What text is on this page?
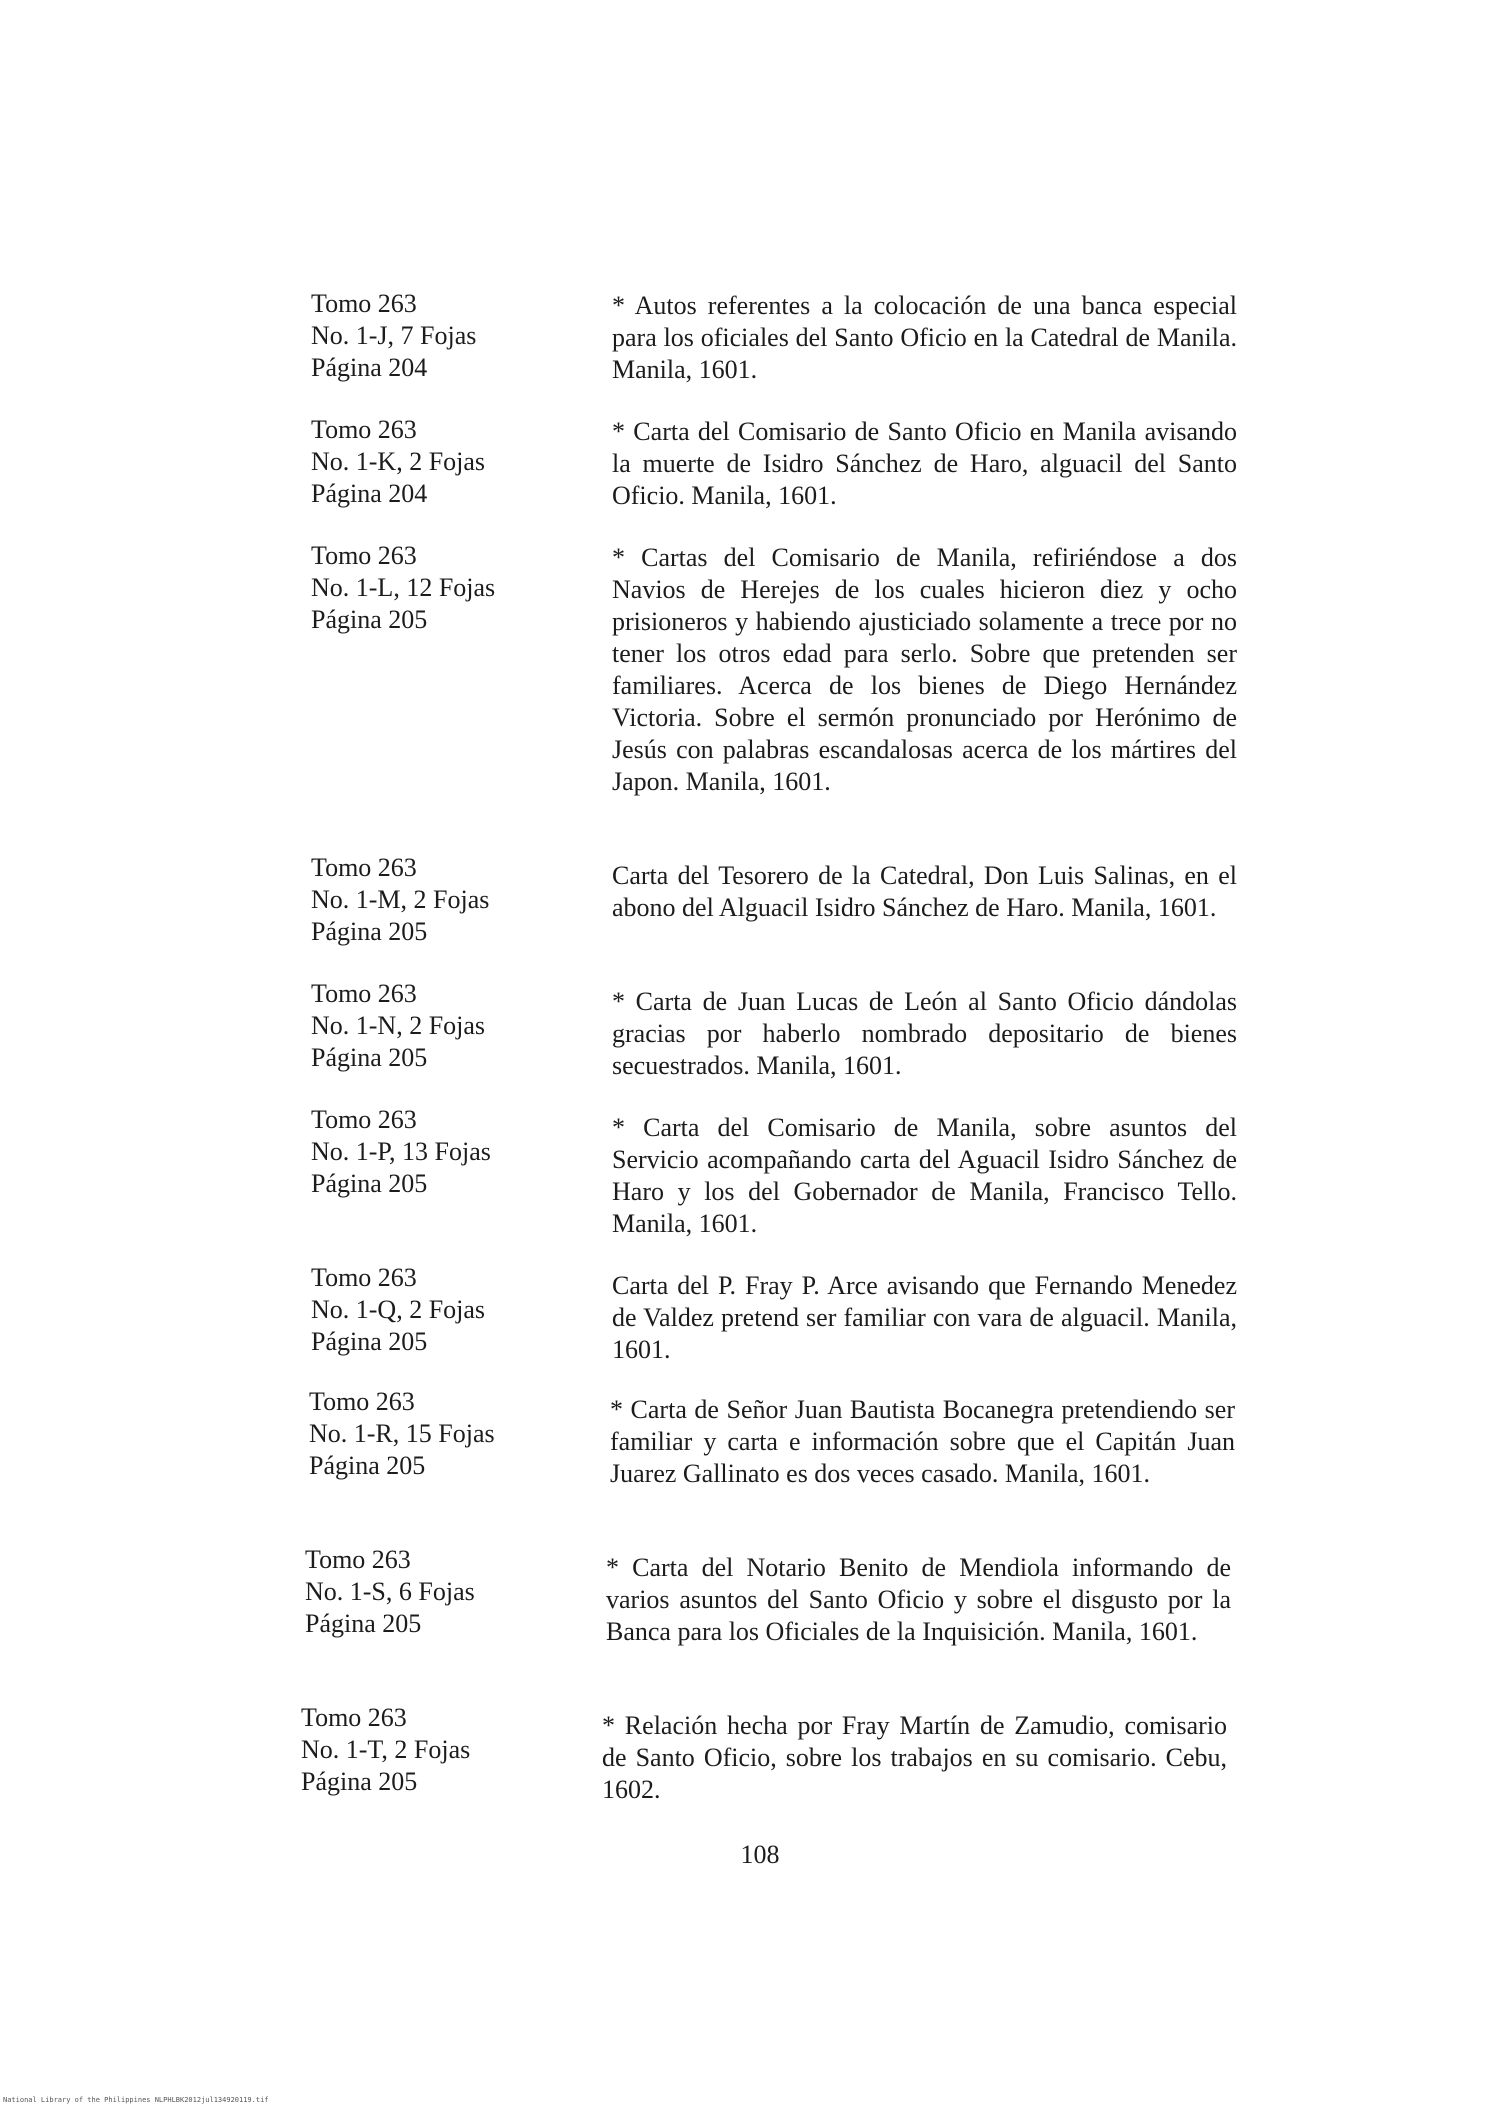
Tomo 263
No. 1-J, 7 Fojas
Página 204
* Autos referentes a la colocación de una banca especial para los oficiales del Santo Oficio en la Catedral de Manila. Manila, 1601.
Tomo 263
No. 1-K, 2 Fojas
Página 204
* Carta del Comisario de Santo Oficio en Manila avisando la muerte de Isidro Sánchez de Haro, alguacil del Santo Oficio. Manila, 1601.
Tomo 263
No. 1-L, 12 Fojas
Página 205
* Cartas del Comisario de Manila, refiriéndose a dos Navios de Herejes de los cuales hicieron diez y ocho prisioneros y habiendo ajusticiado solamente a trece por no tener los otros edad para serlo. Sobre que pretenden ser familiares. Acerca de los bienes de Diego Hernández Victoria. Sobre el sermón pronunciado por Herónimo de Jesús con palabras escandalosas acerca de los mártires del Japon. Manila, 1601.
Tomo 263
No. 1-M, 2 Fojas
Página 205
Carta del Tesorero de la Catedral, Don Luis Salinas, en el abono del Alguacil Isidro Sánchez de Haro. Manila, 1601.
Tomo 263
No. 1-N, 2 Fojas
Página 205
* Carta de Juan Lucas de León al Santo Oficio dándolas gracias por haberlo nombrado depositario de bienes secuestrados. Manila, 1601.
Tomo 263
No. 1-P, 13 Fojas
Página 205
* Carta del Comisario de Manila, sobre asuntos del Servicio acompañando carta del Aguacil Isidro Sánchez de Haro y los del Gobernador de Manila, Francisco Tello. Manila, 1601.
Tomo 263
No. 1-Q, 2 Fojas
Página 205
Carta del P. Fray P. Arce avisando que Fernando Menedez de Valdez pretend ser familiar con vara de alguacil. Manila, 1601.
Tomo 263
No. 1-R, 15 Fojas
Página 205
* Carta de Señor Juan Bautista Bocanegra pretendiendo ser familiar y carta e información sobre que el Capitán Juan Juarez Gallinato es dos veces casado. Manila, 1601.
Tomo 263
No. 1-S, 6 Fojas
Página 205
* Carta del Notario Benito de Mendiola informando de varios asuntos del Santo Oficio y sobre el disgusto por la Banca para los Oficiales de la Inquisición. Manila, 1601.
Tomo 263
No. 1-T, 2 Fojas
Página 205
* Relación hecha por Fray Martín de Zamudio, comisario de Santo Oficio, sobre los trabajos en su comisario. Cebu, 1602.
108
National Library of the Philippines NLPHLBK2012jul134920119.tif
